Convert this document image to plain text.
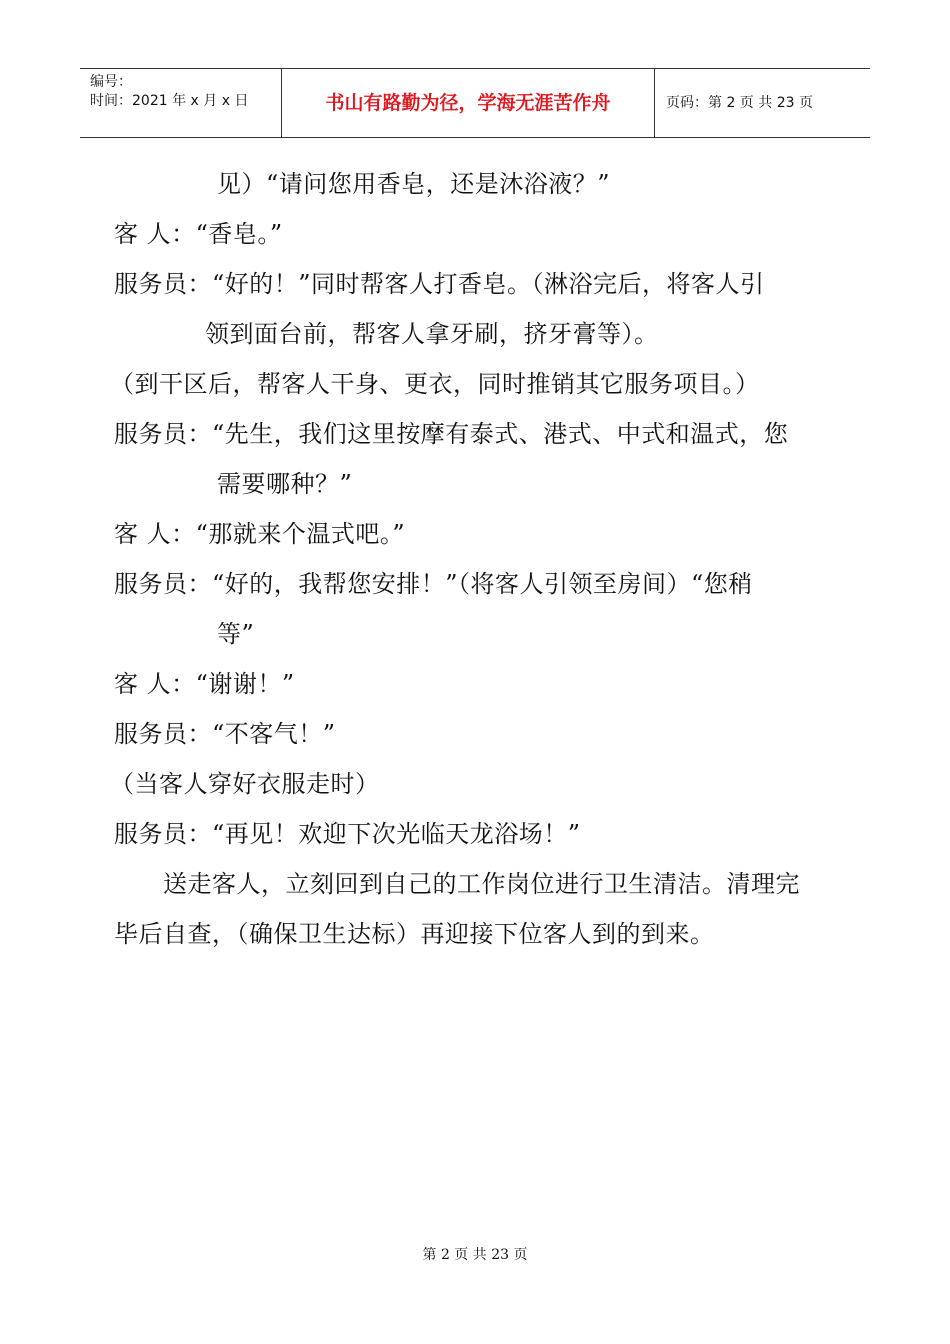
编号：
时间：2021 年 x 月 x 日	书山有路勤为径，学海无涯苦作舟	页码：第 2 页 共 23 页
见）“请问您用香皂，还是沐浴液？”
客 人：“香皂。”
服务员：“好的！”同时帮客人打香皂。（淋浴完后，将客人引
领到面台前，帮客人拿牙刷，挤牙膏等）。
（到干区后，帮客人干身、更衣，同时推销其它服务项目。）
服务员：“先生，我们这里按摩有泰式、港式、中式和温式，您
需要哪种？”
客 人：“那就来个温式吧。”
服务员：“好的，我帮您安排！”（将客人引领至房间）“您稍
等”
客 人：“谢谢！”
服务员：“不客气！”
（当客人穿好衣服走时）
服务员：“再见！欢迎下次光临天龙浴场！”
送走客人，立刻回到自己的工作岗位进行卫生清洁。清理完
毕后自查，（确保卫生达标）再迎接下位客人到的到来。
第 2 页 共 23 页
